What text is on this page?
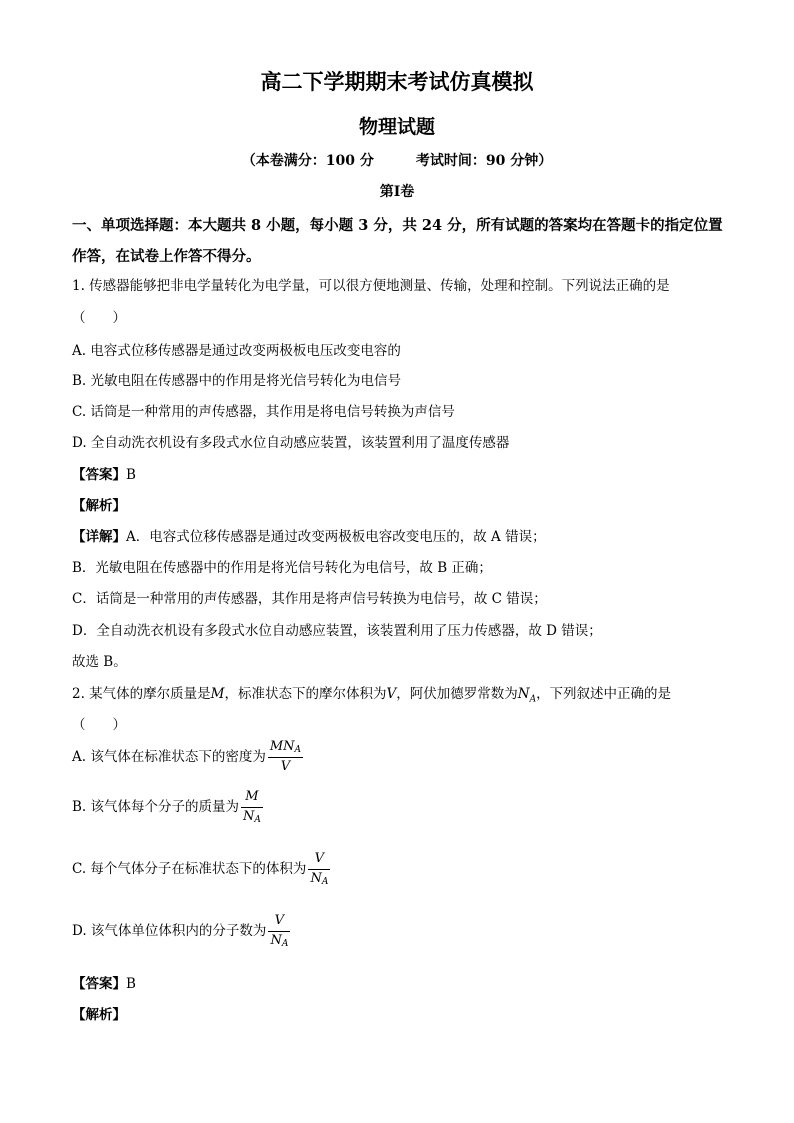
高二下学期期末考试仿真模拟
物理试题
（本卷满分：100 分	考试时间：90 分钟）
第Ⅰ卷
一、单项选择题：本大题共 8 小题，每小题 3 分，共 24 分，所有试题的答案均在答题卡的指定位置作答，在试卷上作答不得分。
1. 传感器能够把非电学量转化为电学量，可以很方便地测量、传输，处理和控制。下列说法正确的是
（　　）
A. 电容式位移传感器是通过改变两极板电压改变电容的
B. 光敏电阻在传感器中的作用是将光信号转化为电信号
C. 话筒是一种常用的声传感器，其作用是将电信号转换为声信号
D. 全自动洗衣机设有多段式水位自动感应装置，该装置利用了温度传感器
【答案】B
【解析】
【详解】A．电容式位移传感器是通过改变两极板电容改变电压的，故 A 错误；
B．光敏电阻在传感器中的作用是将光信号转化为电信号，故 B 正确；
C．话筒是一种常用的声传感器，其作用是将声信号转换为电信号，故 C 错误；
D．全自动洗衣机设有多段式水位自动感应装置，该装置利用了压力传感器，故 D 错误；
故选 B。
2. 某气体的摩尔质量是M，标准状态下的摩尔体积为V，阿伏加德罗常数为$N_A$，下列叙述中正确的是
（　　）
A. 该气体在标准状态下的密度为 $\frac{MN_A}{V}$
B. 该气体每个分子的质量为 $\frac{M}{N_A}$
C. 每个气体分子在标准状态下的体积为 $\frac{V}{N_A}$
D. 该气体单位体积内的分子数为 $\frac{V}{N_A}$
【答案】B
【解析】
